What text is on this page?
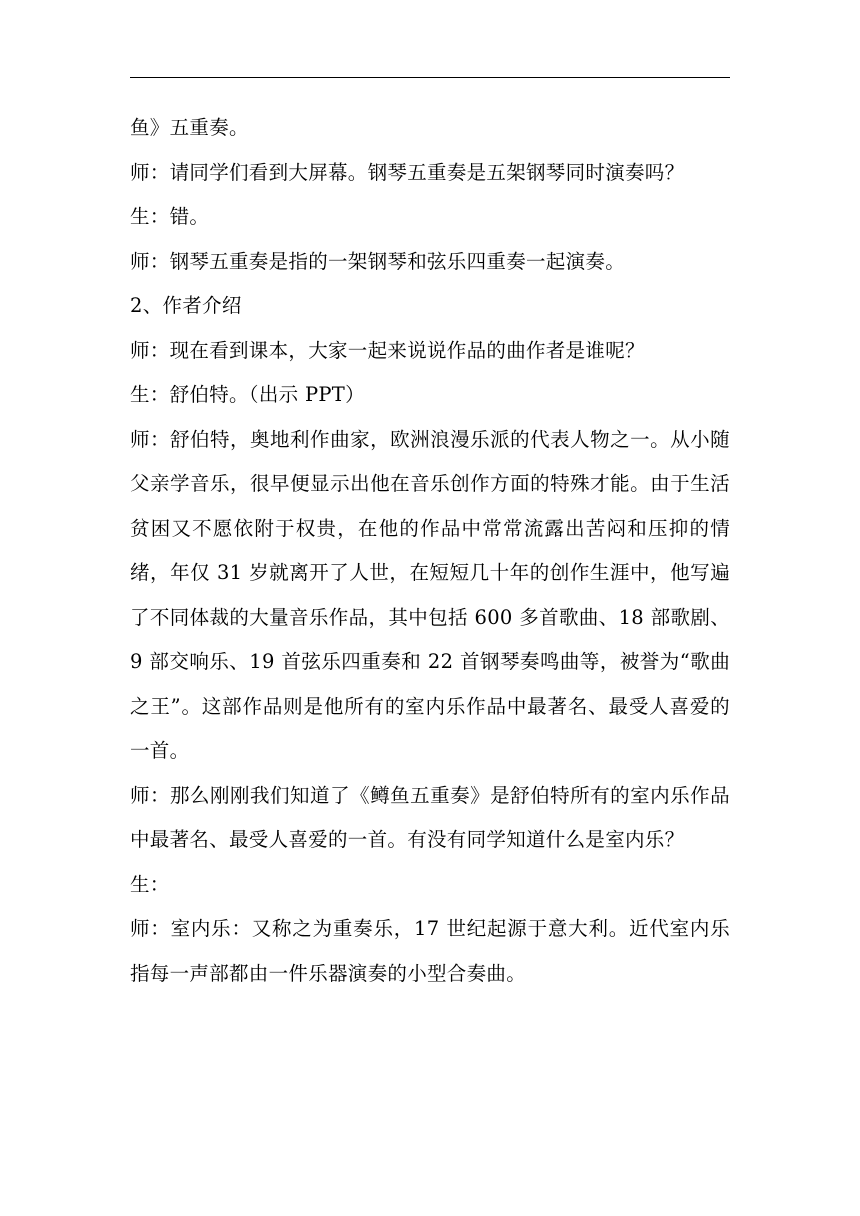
鱼》五重奏。

师：请同学们看到大屏幕。钢琴五重奏是五架钢琴同时演奏吗？

生：错。

师：钢琴五重奏是指的一架钢琴和弦乐四重奏一起演奏。

2、作者介绍

师：现在看到课本，大家一起来说说作品的曲作者是谁呢？

生：舒伯特。（出示 PPT）

师：舒伯特，奥地利作曲家，欧洲浪漫乐派的代表人物之一。从小随父亲学音乐，很早便显示出他在音乐创作方面的特殊才能。由于生活贫困又不愿依附于权贵，在他的作品中常常流露出苦闷和压抑的情绪，年仅 31 岁就离开了人世，在短短几十年的创作生涯中，他写遍了不同体裁的大量音乐作品，其中包括 600 多首歌曲、18 部歌剧、9 部交响乐、19 首弦乐四重奏和 22 首钢琴奏鸣曲等，被誉为“歌曲之王”。这部作品则是他所有的室内乐作品中最著名、最受人喜爱的一首。

师：那么刚刚我们知道了《鳟鱼五重奏》是舒伯特所有的室内乐作品中最著名、最受人喜爱的一首。有没有同学知道什么是室内乐？

生：

师：室内乐：又称之为重奏乐，17 世纪起源于意大利。近代室内乐指每一声部都由一件乐器演奏的小型合奏曲。
